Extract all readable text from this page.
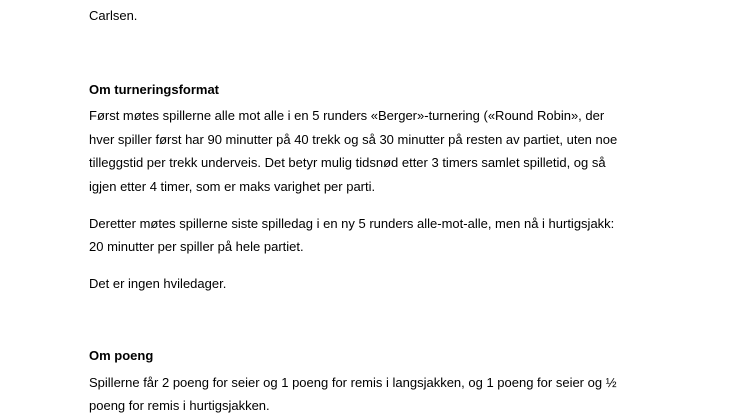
Carlsen.
Om turneringsformat
Først møtes spillerne alle mot alle i en 5 runders «Berger»-turnering («Round Robin», der
hver spiller først har 90 minutter på 40 trekk og så 30 minutter på resten av partiet, uten noe
tilleggstid per trekk underveis. Det betyr mulig tidsnød etter 3 timers samlet spilletid, og så
igjen etter 4 timer, som er maks varighet per parti.
Deretter møtes spillerne siste spilledag i en ny 5 runders alle-mot-alle, men nå i hurtigsjakk:
20 minutter per spiller på hele partiet.
Det er ingen hviledager.
Om poeng
Spillerne får 2 poeng for seier og 1 poeng for remis i langsjakken, og 1 poeng for seier og ½
poeng for remis i hurtigsjakken.
